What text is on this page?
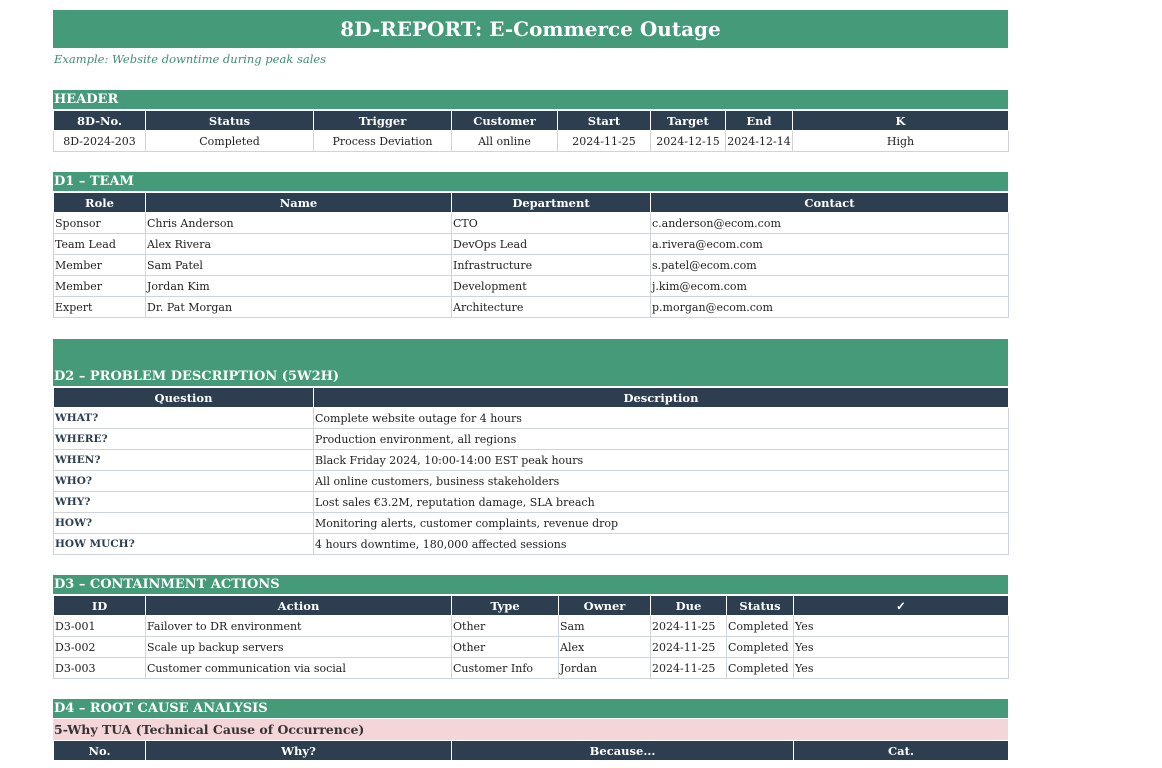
8D-REPORT: E-Commerce Outage
Example: Website downtime during peak sales
HEADER
8D-No.	Status	Trigger	Customer	Start	Target	End	K
8D-2024-203	Completed	Process Deviation	All online	2024-11-25	2024-12-15	2024-12-14	High
D1 – TEAM
Role	Name	Department	Contact
Sponsor	Chris Anderson	CTO	c.anderson@ecom.com
Team Lead	Alex Rivera	DevOps Lead	a.rivera@ecom.com
Member	Sam Patel	Infrastructure	s.patel@ecom.com
Member	Jordan Kim	Development	j.kim@ecom.com
Expert	Dr. Pat Morgan	Architecture	p.morgan@ecom.com
D2 – PROBLEM DESCRIPTION (5W2H)
Question	Description
WHAT?	Complete website outage for 4 hours
WHERE?	Production environment, all regions
WHEN?	Black Friday 2024, 10:00-14:00 EST peak hours
WHO?	All online customers, business stakeholders
WHY?	Lost sales €3.2M, reputation damage, SLA breach
HOW?	Monitoring alerts, customer complaints, revenue drop
HOW MUCH?	4 hours downtime, 180,000 affected sessions
D3 – CONTAINMENT ACTIONS
ID	Action	Type	Owner	Due	Status	✓
D3-001	Failover to DR environment	Other	Sam	2024-11-25	Completed	Yes
D3-002	Scale up backup servers	Other	Alex	2024-11-25	Completed	Yes
D3-003	Customer communication via social	Customer Info	Jordan	2024-11-25	Completed	Yes
D4 – ROOT CAUSE ANALYSIS
5-Why TUA (Technical Cause of Occurrence)
No.	Why?	Because...	Cat.
